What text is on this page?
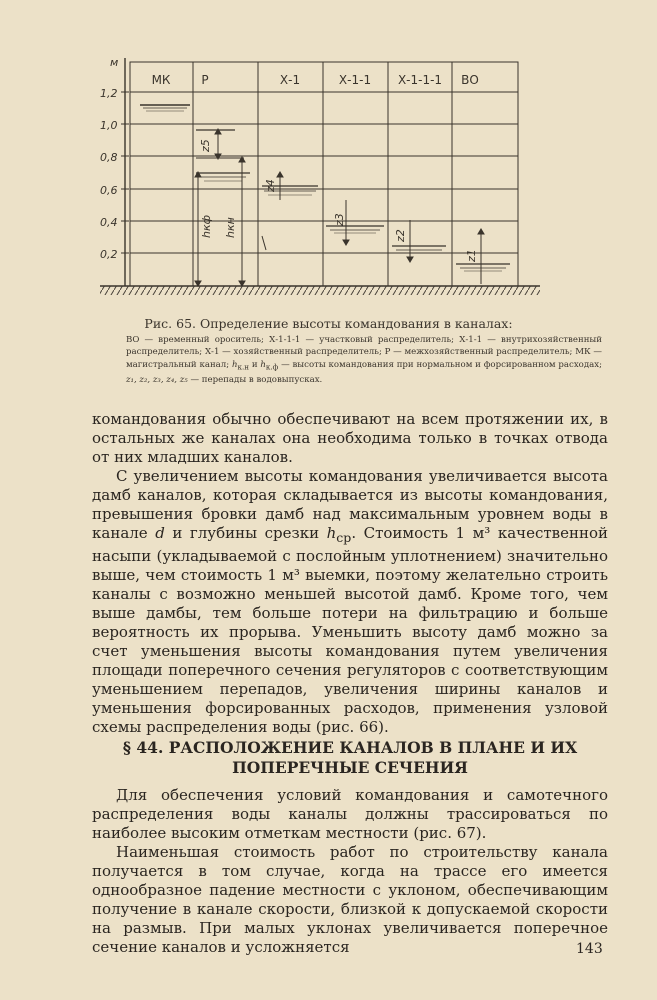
м
1,2
1,0
0,8
0,6
0,4
0,2
МК	Р	Х-1	Х-1-1 Х-1-1-1 ВО
z5
z4
z3
z2
z1
hкф hкн
Рис. 65. Определение высоты командования в каналах:
ВО — временный ороситель; Х-1-1-1 — участковый распределитель; Х-1-1 — внутрихозяйственный распределитель; Х-1 — хозяйственный распределитель; Р — межхозяйственный распределитель; МК — магистральный канал; $h_{к.н}$ и $h_{к.ф}$ — высоты командования при нормальном и форсированном расходах; z₁, z₂, z₃, z₄, z₅ — перепады в водовыпусках.

командования обычно обеспечивают на всем протяжении их, в остальных же каналах она необходима только в точках отвода от них младших каналов.

С увеличением высоты командования увеличивается высота дамб каналов, которая складывается из высоты командования, превышения бровки дамб над максимальным уровнем воды в канале d и глубины срезки $h_{ср}$. Стоимость 1 м³ качественной насыпи (укладываемой с послойным уплотнением) значительно выше, чем стоимость 1 м³ выемки, поэтому желательно строить каналы с возможно меньшей высотой дамб. Кроме того, чем выше дамбы, тем больше потери на фильтрацию и больше вероятность их прорыва. Уменьшить высоту дамб можно за счет уменьшения высоты командования путем увеличения площади поперечного сечения регуляторов с соответствующим уменьшением перепадов, увеличения ширины каналов и уменьшения форсированных расходов, применения узловой схемы распределения воды (рис. 66).

§ 44. РАСПОЛОЖЕНИЕ КАНАЛОВ В ПЛАНЕ И ИХ ПОПЕРЕЧНЫЕ СЕЧЕНИЯ

Для обеспечения условий командования и самотечного распределения воды каналы должны трассироваться по наиболее высоким отметкам местности (рис. 67).

Наименьшая стоимость работ по строительству канала получается в том случае, когда на трассе его имеется однообразное падение местности с уклоном, обеспечивающим получение в канале скорости, близкой к допускаемой скорости на размыв. При малых уклонах увеличивается поперечное сечение каналов и усложняется	143
